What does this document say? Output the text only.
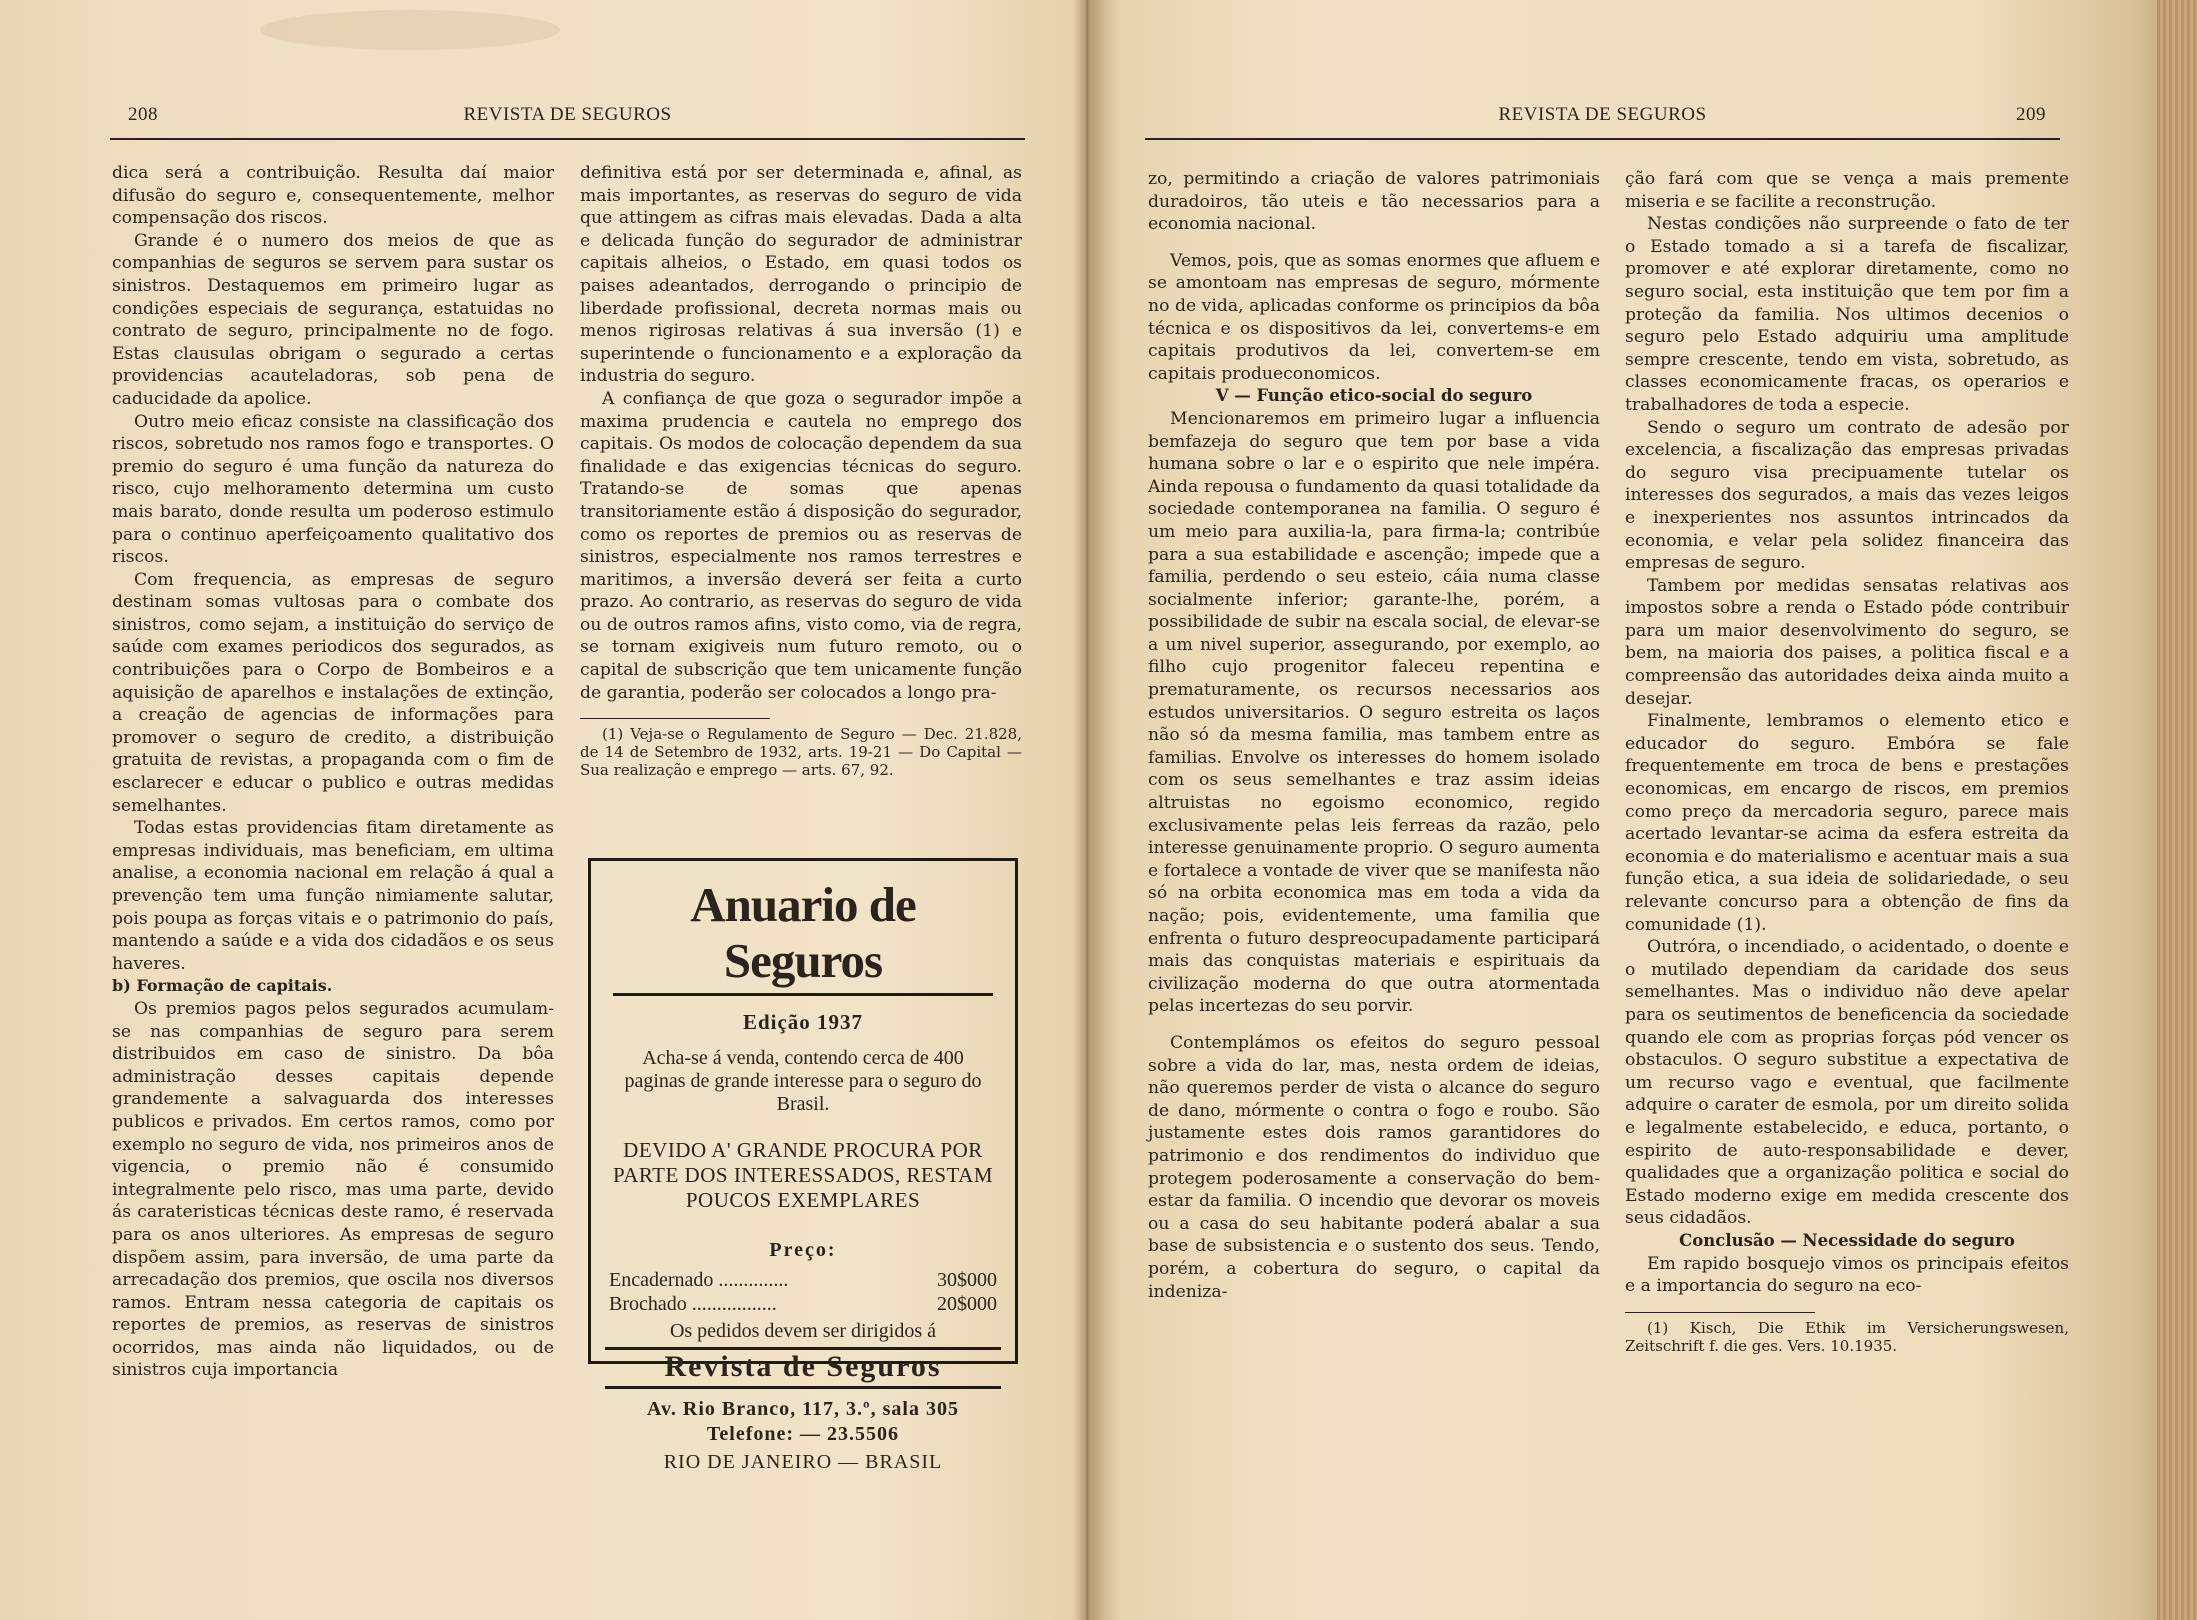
208	REVISTA DE SEGUROS

dica será a contribuição. Resulta daí maior difusão do seguro e, consequentemente, melhor compensação dos riscos.

Grande é o numero dos meios de que as companhias de seguros se servem para sustar os sinistros. Destaquemos em primeiro lugar as condições especiais de segurança, estatuidas no contrato de seguro, principalmente no de fogo. Estas clausulas obrigam o segurado a certas providencias acauteladoras, sob pena de caducidade da apolice.

Outro meio eficaz consiste na classificação dos riscos, sobretudo nos ramos fogo e transportes. O premio do seguro é uma função da natureza do risco, cujo melhoramento determina um custo mais barato, donde resulta um poderoso estimulo para o continuo aperfeiçoamento qualitativo dos riscos.

Com frequencia, as empresas de seguro destinam somas vultosas para o combate dos sinistros, como sejam, a instituição do serviço de saúde com exames periodicos dos segurados, as contribuições para o Corpo de Bombeiros e a aquisição de aparelhos e instalações de extinção, a creação de agencias de informações para promover o seguro de credito, a distribuição gratuita de revistas, a propaganda com o fim de esclarecer e educar o publico e outras medidas semelhantes.

Todas estas providencias fitam diretamente as empresas individuais, mas beneficiam, em ultima analise, a economia nacional em relação á qual a prevenção tem uma função nimiamente salutar, pois poupa as forças vitais e o patrimonio do país, mantendo a saúde e a vida dos cidadãos e os seus haveres.

b) Formação de capitais.

Os premios pagos pelos segurados acumulam-se nas companhias de seguro para serem distribuidos em caso de sinistro. Da bôa administração desses capitais depende grandemente a salvaguarda dos interesses publicos e privados. Em certos ramos, como por exemplo no seguro de vida, nos primeiros anos de vigencia, o premio não é consumido integralmente pelo risco, mas uma parte, devido ás carateristicas técnicas deste ramo, é reservada para os anos ulteriores. As empresas de seguro dispõem assim, para inversão, de uma parte da arrecadação dos premios, que oscila nos diversos ramos. Entram nessa categoria de capitais os reportes de premios, as reservas de sinistros ocorridos, mas ainda não liquidados, ou de sinistros cuja importancia

definitiva está por ser determinada e, afinal, as mais importantes, as reservas do seguro de vida que attingem as cifras mais elevadas. Dada a alta e delicada função do segurador de administrar capitais alheios, o Estado, em quasi todos os paises adeantados, derrogando o principio de liberdade profissional, decreta normas mais ou menos rigirosas relativas á sua inversão (1) e superintende o funcionamento e a exploração da industria do seguro.

A confiança de que goza o segurador impõe a maxima prudencia e cautela no emprego dos capitais. Os modos de colocação dependem da sua finalidade e das exigencias técnicas do seguro. Tratando-se de somas que apenas transitoriamente estão á disposição do segurador, como os reportes de premios ou as reservas de sinistros, especialmente nos ramos terrestres e maritimos, a inversão deverá ser feita a curto prazo. Ao contrario, as reservas do seguro de vida ou de outros ramos afins, visto como, via de regra, se tornam exigiveis num futuro remoto, ou o capital de subscrição que tem unicamente função de garantia, poderão ser colocados a longo pra-

(1) Veja-se o Regulamento de Seguro — Dec. 21.828, de 14 de Setembro de 1932, arts. 19-21 — Do Capital — Sua realização e emprego — arts. 67, 92.

Anuario de Seguros
Edição 1937
Acha-se á venda, contendo cerca de 400 paginas de grande interesse para o seguro do Brasil.
DEVIDO A' GRANDE PROCURA POR PARTE DOS INTERESSADOS, RESTAM POUCOS EXEMPLARES
Preço:
Encadernado ..............	30$000
Brochado .................	20$000
Os pedidos devem ser dirigidos á
Revista de Seguros
Av. Rio Branco, 117, 3.º, sala 305
Telefone: — 23.5506
RIO DE JANEIRO — BRASIL
REVISTA DE SEGUROS	209

zo, permitindo a criação de valores patrimoniais duradoiros, tão uteis e tão necessarios para a economia nacional.

Vemos, pois, que as somas enormes que afluem e se amontoam nas empresas de seguro, mórmente no de vida, aplicadas conforme os principios da bôa técnica e os dispositivos da lei, convertems-e em capitais produtivos da lei, convertem-se em capitais produeconomicos.

V — Função etico-social do seguro

Mencionaremos em primeiro lugar a influencia bemfazeja do seguro que tem por base a vida humana sobre o lar e o espirito que nele impéra. Ainda repousa o fundamento da quasi totalidade da sociedade contemporanea na familia. O seguro é um meio para auxilia-la, para firma-la; contribúe para a sua estabilidade e ascenção; impede que a familia, perdendo o seu esteio, cáia numa classe socialmente inferior; garante-lhe, porém, a possibilidade de subir na escala social, de elevar-se a um nivel superior, assegurando, por exemplo, ao filho cujo progenitor faleceu repentina e prematuramente, os recursos necessarios aos estudos universitarios. O seguro estreita os laços não só da mesma familia, mas tambem entre as familias. Envolve os interesses do homem isolado com os seus semelhantes e traz assim ideias altruistas no egoismo economico, regido exclusivamente pelas leis ferreas da razão, pelo interesse genuinamente proprio. O seguro aumenta e fortalece a vontade de viver que se manifesta não só na orbita economica mas em toda a vida da nação; pois, evidentemente, uma familia que enfrenta o futuro despreocupadamente participará mais das conquistas materiais e espirituais da civilização moderna do que outra atormentada pelas incertezas do seu porvir.

Contemplámos os efeitos do seguro pessoal sobre a vida do lar, mas, nesta ordem de ideias, não queremos perder de vista o alcance do seguro de dano, mórmente o contra o fogo e roubo. São justamente estes dois ramos garantidores do patrimonio e dos rendimentos do individuo que protegem poderosamente a conservação do bem-estar da familia. O incendio que devorar os moveis ou a casa do seu habitante poderá abalar a sua base de subsistencia e o sustento dos seus. Tendo, porém, a cobertura do seguro, o capital da indeniza-

ção fará com que se vença a mais premente miseria e se facilite a reconstrução.

Nestas condições não surpreende o fato de ter o Estado tomado a si a tarefa de fiscalizar, promover e até explorar diretamente, como no seguro social, esta instituição que tem por fim a proteção da familia. Nos ultimos decenios o seguro pelo Estado adquiriu uma amplitude sempre crescente, tendo em vista, sobretudo, as classes economicamente fracas, os operarios e trabalhadores de toda a especie.

Sendo o seguro um contrato de adesão por excelencia, a fiscalização das empresas privadas do seguro visa precipuamente tutelar os interesses dos segurados, a mais das vezes leigos e inexperientes nos assuntos intrincados da economia, e velar pela solidez financeira das empresas de seguro.

Tambem por medidas sensatas relativas aos impostos sobre a renda o Estado póde contribuir para um maior desenvolvimento do seguro, se bem, na maioria dos paises, a politica fiscal e a compreensão das autoridades deixa ainda muito a desejar.

Finalmente, lembramos o elemento etico e educador do seguro. Embóra se fale frequentemente em troca de bens e prestações economicas, em encargo de riscos, em premios como preço da mercadoria seguro, parece mais acertado levantar-se acima da esfera estreita da economia e do materialismo e acentuar mais a sua função etica, a sua ideia de solidariedade, o seu relevante concurso para a obtenção de fins da comunidade (1).

Outróra, o incendiado, o acidentado, o doente e o mutilado dependiam da caridade dos seus semelhantes. Mas o individuo não deve apelar para os seutimentos de beneficencia da sociedade quando ele com as proprias forças pód vencer os obstaculos. O seguro substitue a expectativa de um recurso vago e eventual, que facilmente adquire o carater de esmola, por um direito solida e legalmente estabelecido, e educa, portanto, o espirito de auto-responsabilidade e dever, qualidades que a organização politica e social do Estado moderno exige em medida crescente dos seus cidadãos.

Conclusão — Necessidade do seguro

Em rapido bosquejo vimos os principais efeitos e a importancia do seguro na eco-

(1) Kisch, Die Ethik im Versicherungswesen, Zeitschrift f. die ges. Vers. 10.1935.
